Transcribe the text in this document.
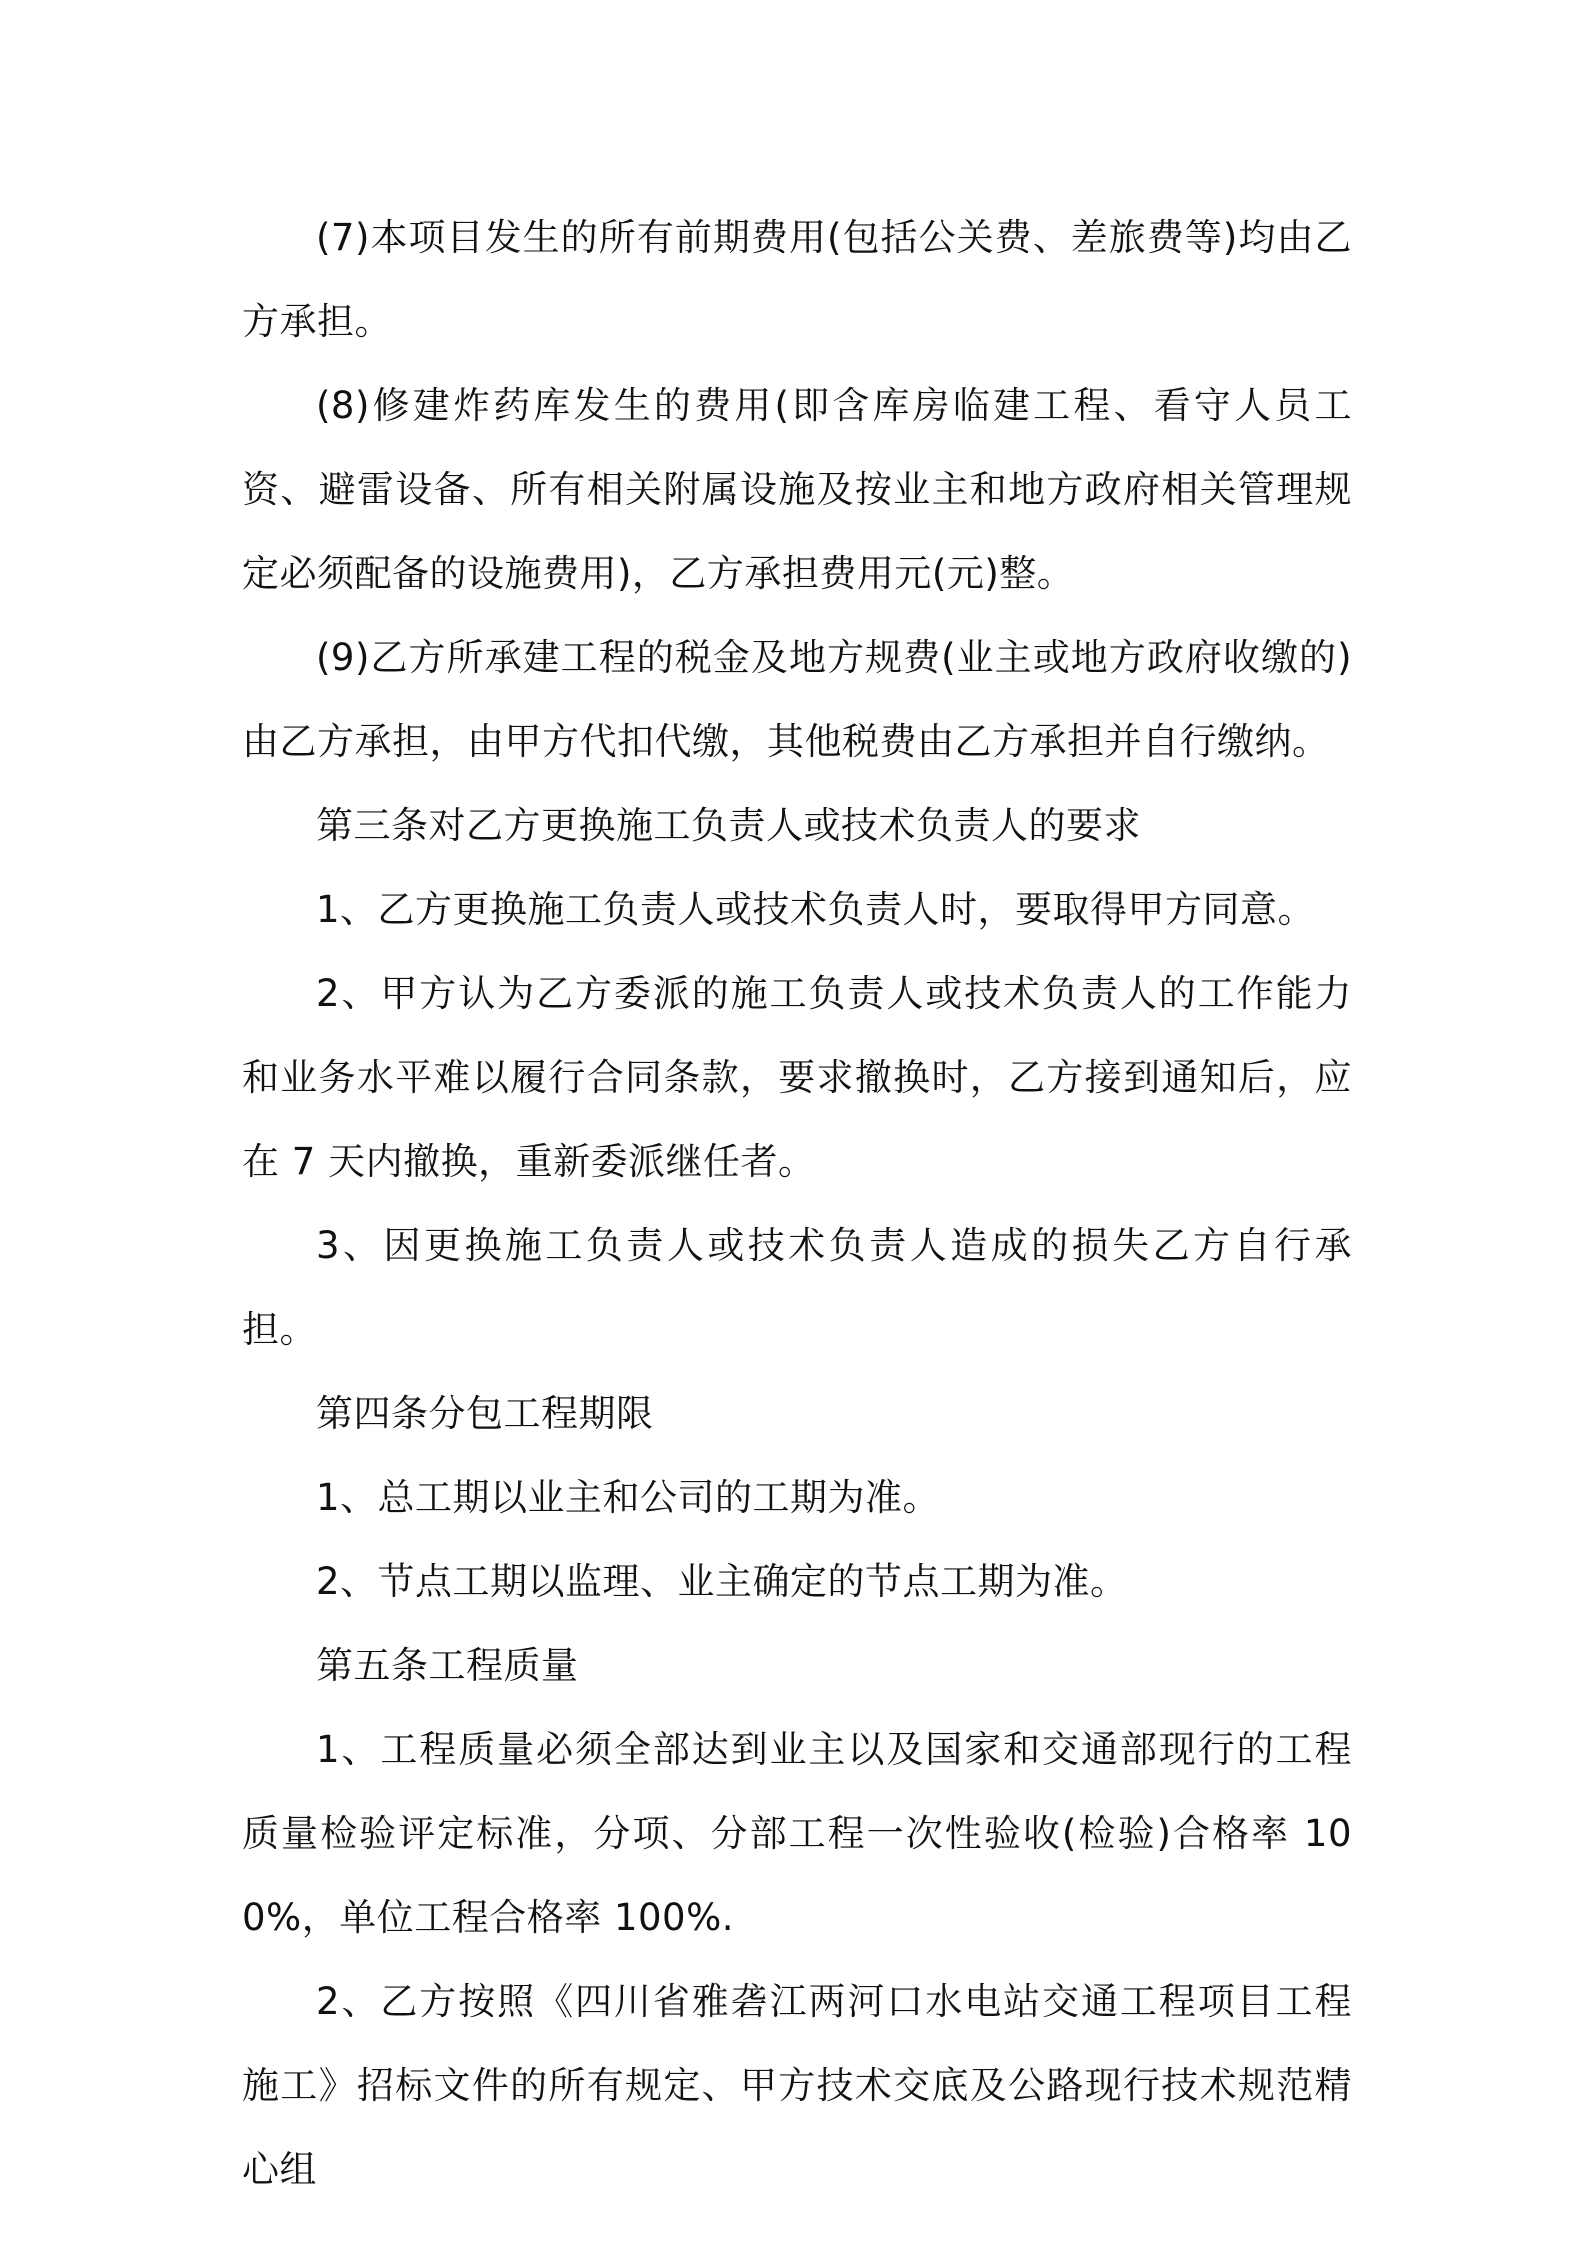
(7)本项目发生的所有前期费用(包括公关费、差旅费等)均由乙方承担。

(8)修建炸药库发生的费用(即含库房临建工程、看守人员工资、避雷设备、所有相关附属设施及按业主和地方政府相关管理规定必须配备的设施费用)，乙方承担费用元(元)整。

(9)乙方所承建工程的税金及地方规费(业主或地方政府收缴的)由乙方承担，由甲方代扣代缴，其他税费由乙方承担并自行缴纳。

第三条对乙方更换施工负责人或技术负责人的要求

1、乙方更换施工负责人或技术负责人时，要取得甲方同意。

2、甲方认为乙方委派的施工负责人或技术负责人的工作能力和业务水平难以履行合同条款，要求撤换时，乙方接到通知后，应在 7 天内撤换，重新委派继任者。

3、因更换施工负责人或技术负责人造成的损失乙方自行承担。

第四条分包工程期限

1、总工期以业主和公司的工期为准。

2、节点工期以监理、业主确定的节点工期为准。

第五条工程质量

1、工程质量必须全部达到业主以及国家和交通部现行的工程质量检验评定标准，分项、分部工程一次性验收(检验)合格率 100%，单位工程合格率 100%.

2、乙方按照《四川省雅砻江两河口水电站交通工程项目工程施工》招标文件的所有规定、甲方技术交底及公路现行技术规范精心组
